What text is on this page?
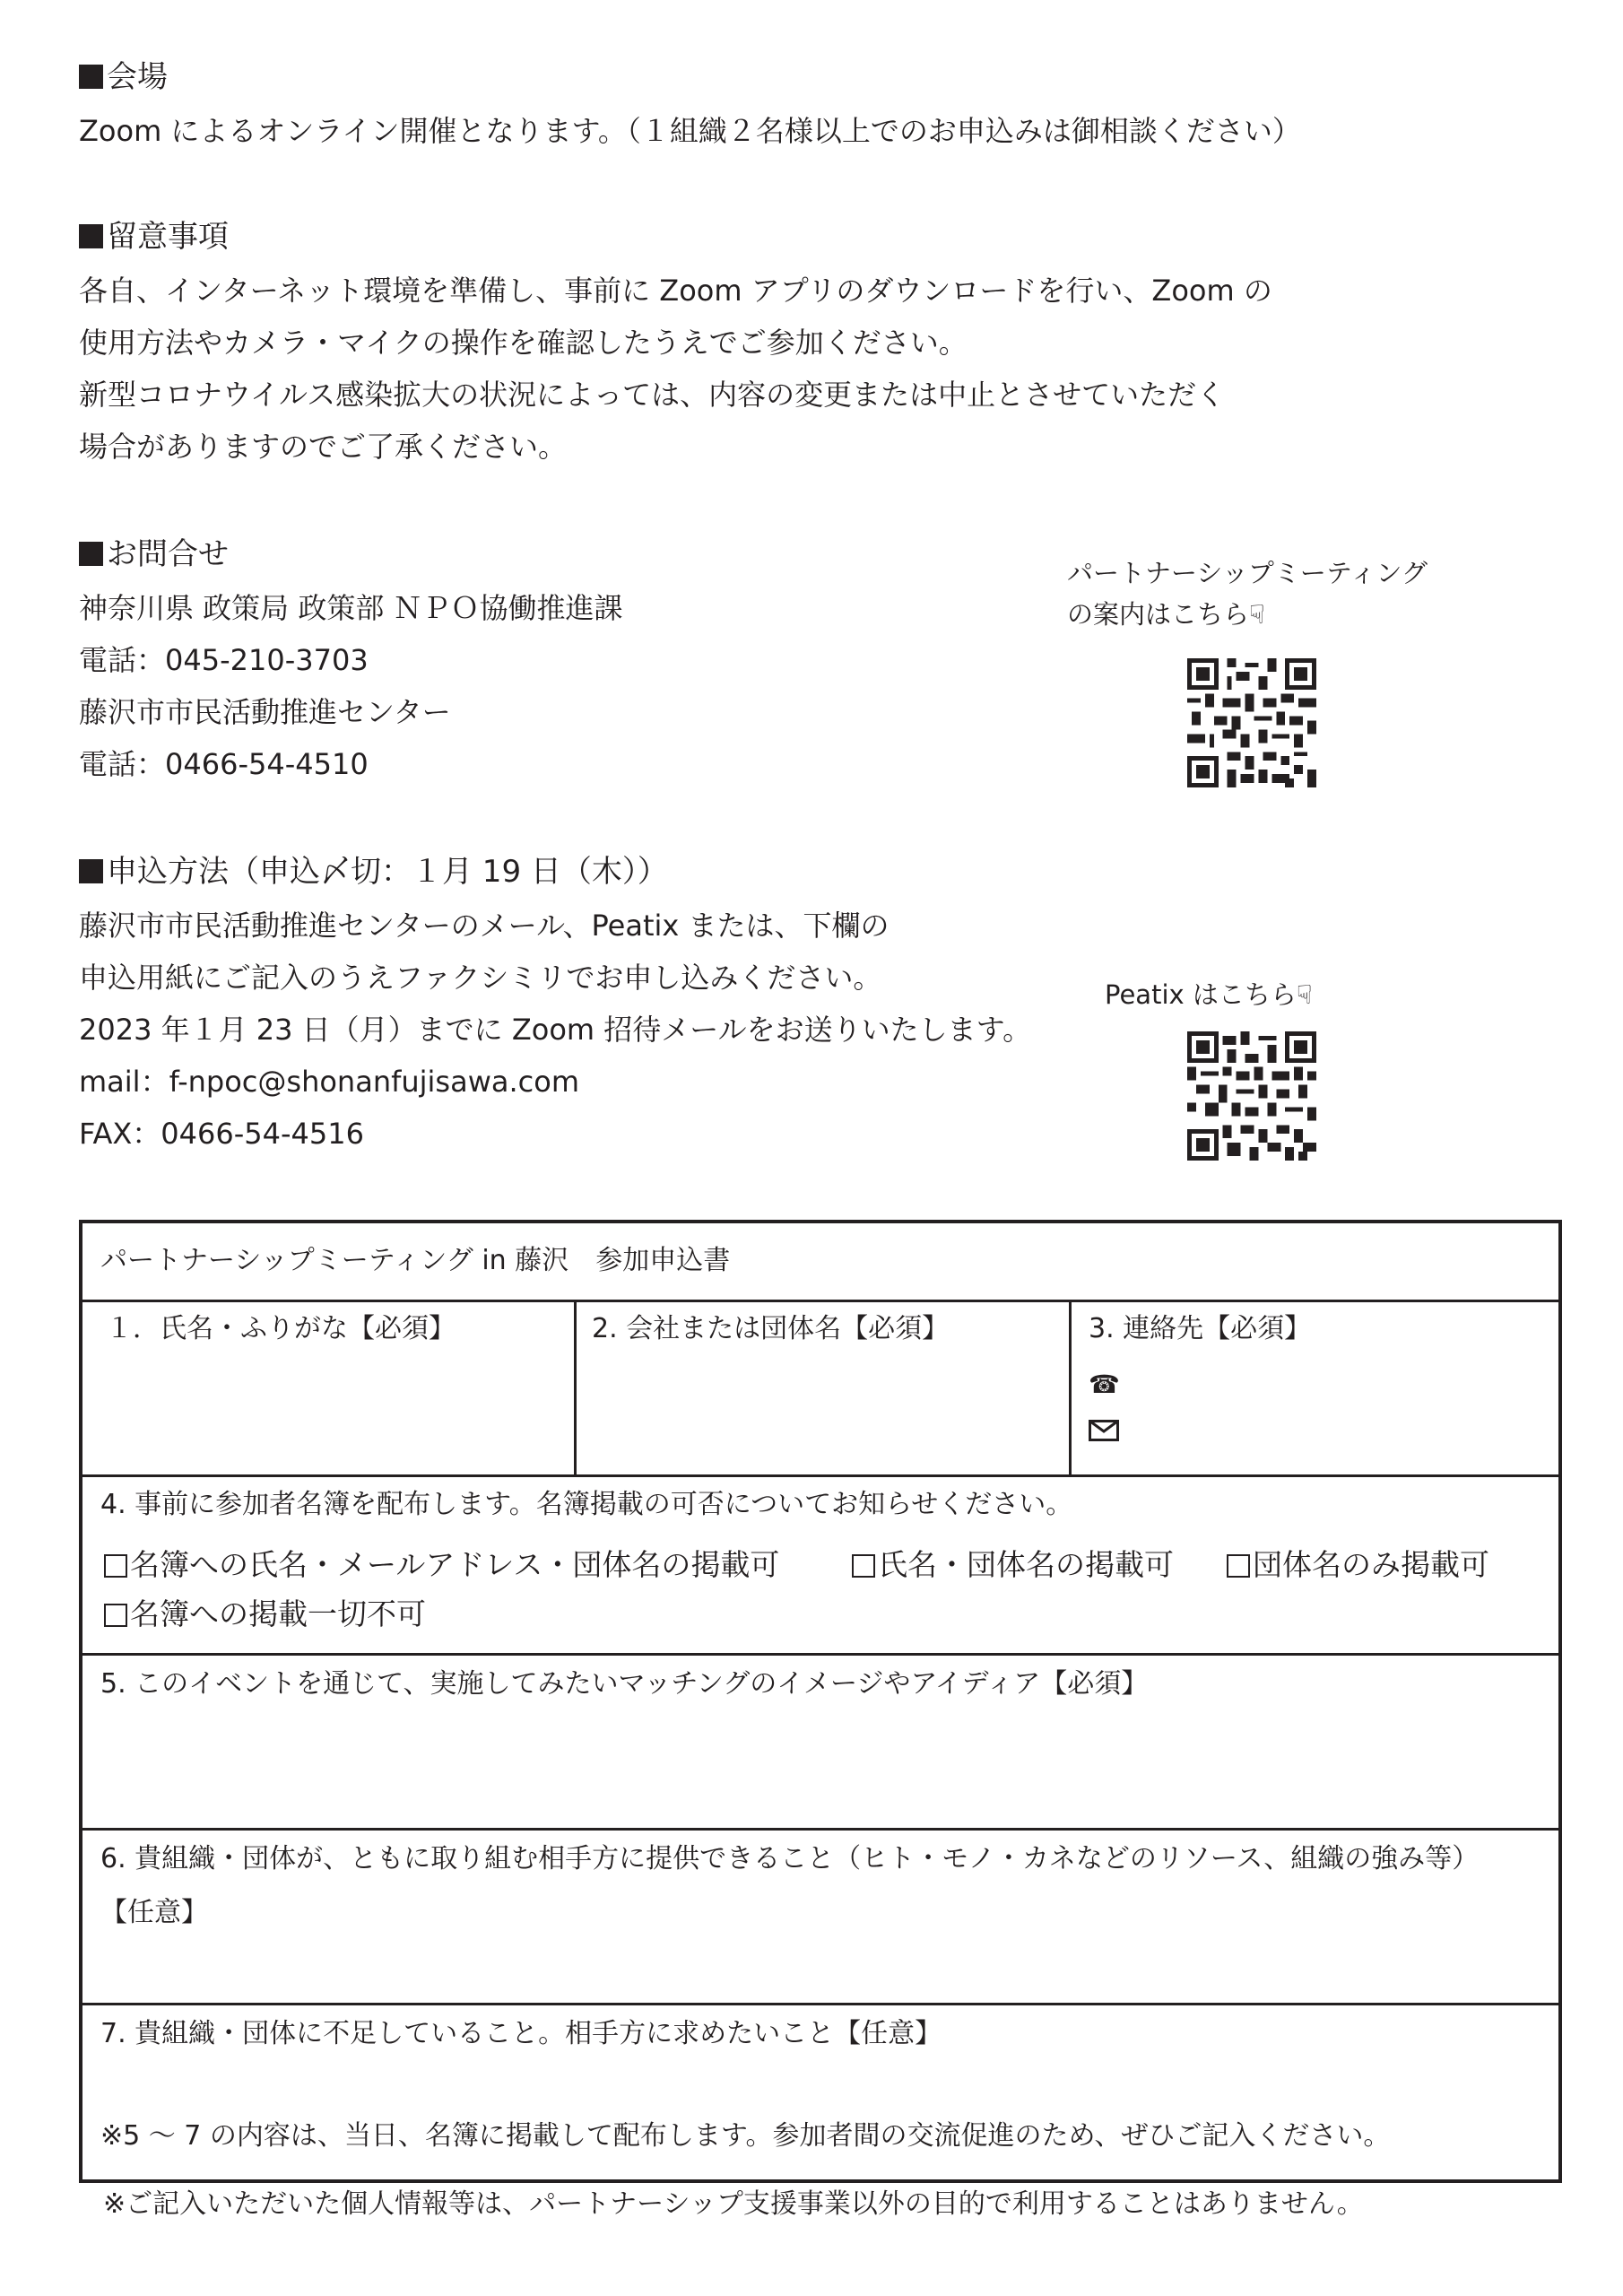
会場
Zoom によるオンライン開催となります。（１組織２名様以上でのお申込みは御相談ください）
留意事項
各自、インターネット環境を準備し、事前に Zoom アプリのダウンロードを行い、Zoom の
使用方法やカメラ・マイクの操作を確認したうえでご参加ください。
新型コロナウイルス感染拡大の状況によっては、内容の変更または中止とさせていただく
場合がありますのでご了承ください。
お問合せ
神奈川県 政策局 政策部 ＮＰＯ協働推進課
電話：045-210-3703
藤沢市市民活動推進センター
電話：0466-54-4510
パートナーシップミーティング
の案内はこちら☟
申込方法（申込〆切：１月 19 日（木））
藤沢市市民活動推進センターのメール、Peatix または、下欄の
申込用紙にご記入のうえファクシミリでお申し込みください。
2023 年１月 23 日（月）までに Zoom 招待メールをお送りいたします。
mail：f-npoc@shonanfujisawa.com
FAX：0466-54-4516
Peatix はこちら☟
パートナーシップミーティング in 藤沢　参加申込書
１．氏名・ふりがな【必須】	2. 会社または団体名【必須】	3. 連絡先【必須】
☎
4. 事前に参加者名簿を配布します。名簿掲載の可否についてお知らせください。
名簿への氏名・メールアドレス・団体名の掲載可	氏名・団体名の掲載可	団体名のみ掲載可
名簿への掲載一切不可
5. このイベントを通じて、実施してみたいマッチングのイメージやアイディア【必須】
6. 貴組織・団体が、ともに取り組む相手方に提供できること（ヒト・モノ・カネなどのリソース、組織の強み等）
【任意】
7. 貴組織・団体に不足していること。相手方に求めたいこと【任意】
※5 ～ 7 の内容は、当日、名簿に掲載して配布します。参加者間の交流促進のため、ぜひご記入ください。
※ご記入いただいた個人情報等は、パートナーシップ支援事業以外の目的で利用することはありません。
